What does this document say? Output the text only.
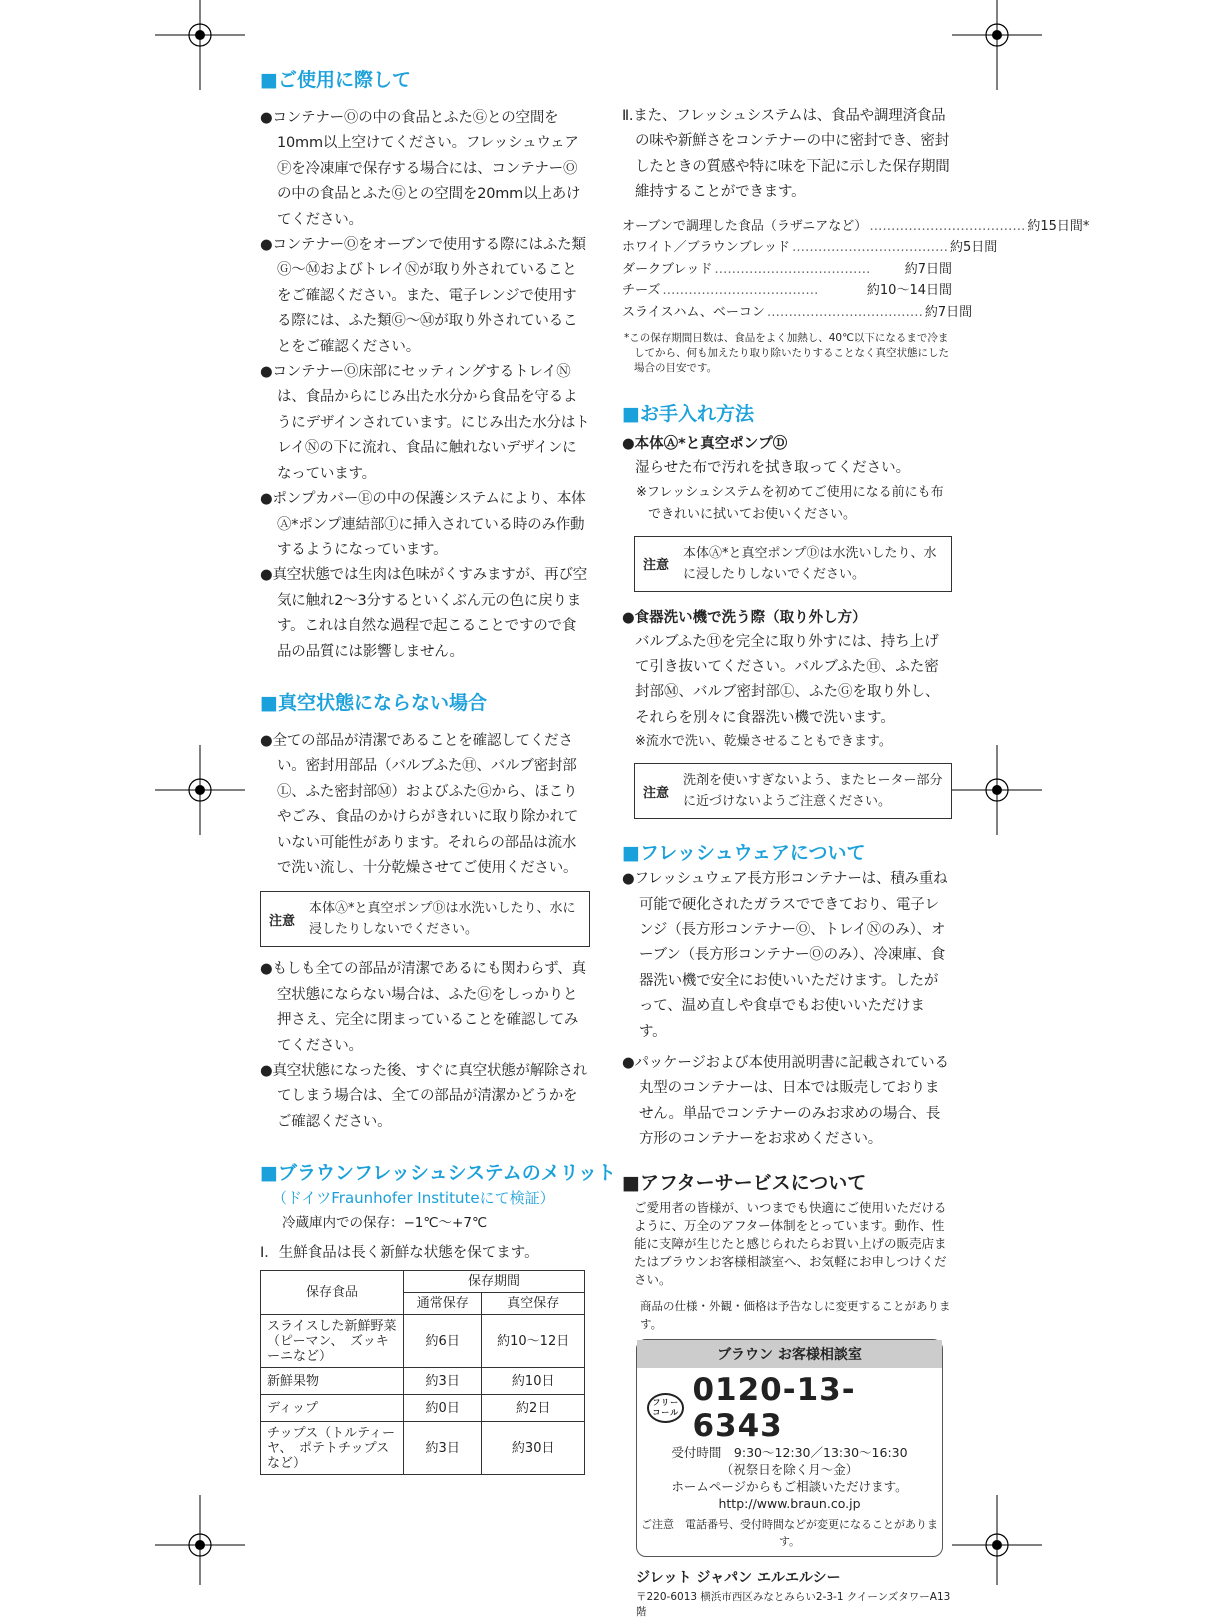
■ご使用に際して

●コンテナーⓄの中の食品とふたⒼとの空間を10mm以上空けてください。フレッシュウェアⒻを冷凍庫で保存する場合には、コンテナーⓄの中の食品とふたⒼとの空間を20mm以上あけてください。

●コンテナーⓄをオーブンで使用する際にはふた類Ⓖ〜ⓂおよびトレイⓃが取り外されていることをご確認ください。また、電子レンジで使用する際には、ふた類Ⓖ〜Ⓜが取り外されていることをご確認ください。

●コンテナーⓄ床部にセッティングするトレイⓃは、食品からにじみ出た水分から食品を守るようにデザインされています。にじみ出た水分はトレイⓃの下に流れ、食品に触れないデザインになっています。

●ポンプカバーⒺの中の保護システムにより、本体Ⓐ*ポンプ連結部Ⓘに挿入されている時のみ作動するようになっています。

●真空状態では生肉は色味がくすみますが、再び空気に触れ2〜3分するといくぶん元の色に戻ります。これは自然な過程で起こることですので食品の品質には影響しません。

■真空状態にならない場合

●全ての部品が清潔であることを確認してください。密封用部品（バルブふたⒽ、バルブ密封部Ⓛ、ふた密封部Ⓜ）およびふたⒼから、ほこりやごみ、食品のかけらがきれいに取り除かれていない可能性があります。それらの部品は流水で洗い流し、十分乾燥させてご使用ください。

注意
本体Ⓐ*と真空ポンプⒹは水洗いしたり、水に浸したりしないでください。

●もしも全ての部品が清潔であるにも関わらず、真空状態にならない場合は、ふたⒼをしっかりと押さえ、完全に閉まっていることを確認してみてください。

●真空状態になった後、すぐに真空状態が解除されてしまう場合は、全ての部品が清潔かどうかをご確認ください。

■ブラウンフレッシュシステムのメリット

（ドイツFraunhofer Instituteにて検証）

冷蔵庫内での保存：−1℃〜+7℃

Ⅰ．生鮮食品は長く新鮮な状態を保てます。

保存食品	保存期間	
	通常保存	真空保存
スライスした新鮮野菜（ピーマン、　ズッキーニなど）	約6日	約10〜12日
新鮮果物	約3日	約10日
ディップ	約0日	約2日
チップス（トルティーヤ、　ポテトチップスなど）	約3日	約30日

Ⅱ.また、フレッシュシステムは、食品や調理済食品の味や新鮮さをコンテナーの中に密封でき、密封したときの質感や特に味を下記に示した保存期間維持することができます。

オーブンで調理した食品（ラザニアなど） ……………………………… 約15日間*
ホワイト／ブラウンブレッド ……………………………… 約5日間
ダークブレッド ………………………………	約7日間
チーズ ………………………………	約10〜14日間
スライスハム、ベーコン ……………………………… 約7日間

*この保存期間日数は、食品をよく加熱し、40℃以下になるまで冷ましてから、何も加えたり取り除いたりすることなく真空状態にした場合の目安です。

■お手入れ方法

●本体Ⓐ*と真空ポンプⒹ

湿らせた布で汚れを拭き取ってください。

※フレッシュシステムを初めてご使用になる前にも布できれいに拭いてお使いください。

注意
本体Ⓐ*と真空ポンプⒹは水洗いしたり、水に浸したりしないでください。

●食器洗い機で洗う際（取り外し方）

バルブふたⒽを完全に取り外すには、持ち上げて引き抜いてください。バルブふたⒽ、ふた密封部Ⓜ、バルブ密封部Ⓛ、ふたⒼを取り外し、それらを別々に食器洗い機で洗います。

※流水で洗い、乾燥させることもできます。

注意
洗剤を使いすぎないよう、またヒーター部分に近づけないようご注意ください。
■フレッシュウェアについて

●フレッシュウェア長方形コンテナーは、積み重ね可能で硬化されたガラスでできており、電子レンジ（長方形コンテナーⓄ、トレイⓃのみ）、オーブン（長方形コンテナーⓄのみ）、冷凍庫、食器洗い機で安全にお使いいただけます。したがって、温め直しや食卓でもお使いいただけます。

●パッケージおよび本使用説明書に記載されている丸型のコンテナーは、日本では販売しておりません。単品でコンテナーのみお求めの場合、長方形のコンテナーをお求めください。

■アフターサービスについて

ご愛用者の皆様が、いつまでも快適にご使用いただけるように、万全のアフター体制をとっています。動作、性能に支障が生じたと感じられたらお買い上げの販売店またはブラウンお客様相談室へ、お気軽にお申しつけください。

商品の仕様・外観・価格は予告なしに変更することがあります。

ブラウン お客様相談室
フリーコール
0120-13-6343
受付時間　9:30〜12:30／13:30〜16:30
（祝祭日を除く月〜金）
ホームページからもご相談いただけます。
http://www.braun.co.jp
ご注意　電話番号、受付時間などが変更になることがあります。

ジレット ジャパン エルエルシー

〒220-6013 横浜市西区みなとみらい2-3-1 クイーンズタワーA13階
